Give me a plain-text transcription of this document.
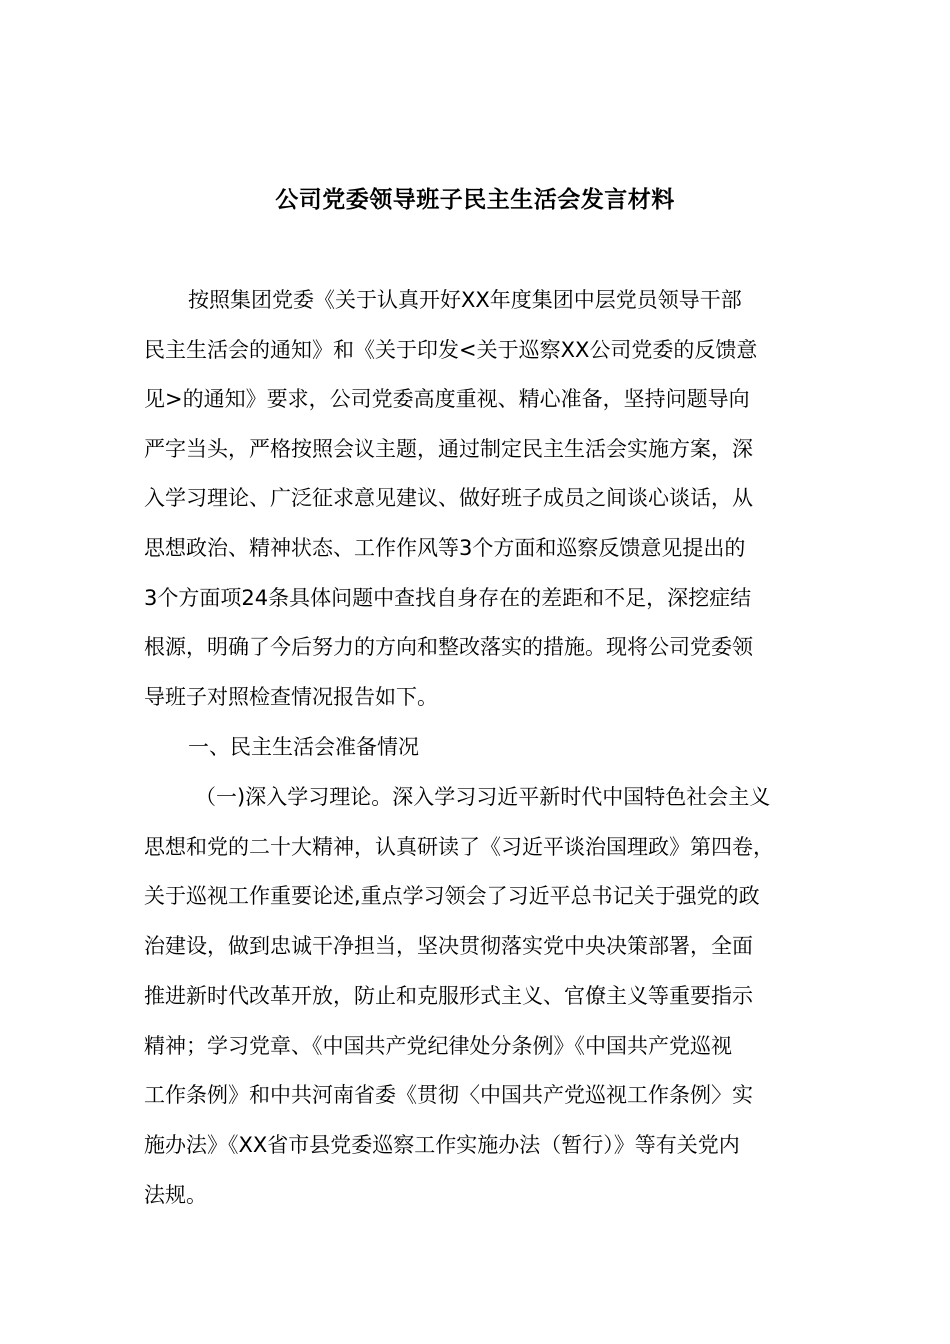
公司党委领导班子民主生活会发言材料
按照集团党委《关于认真开好XX年度集团中层党员领导干部
民主生活会的通知》和《关于印发<关于巡察XX公司党委的反馈意
见>的通知》要求，公司党委高度重视、精心准备，坚持问题导向
严字当头，严格按照会议主题，通过制定民主生活会实施方案，深
入学习理论、广泛征求意见建议、做好班子成员之间谈心谈话，从
思想政治、精神状态、工作作风等3个方面和巡察反馈意见提出的
3个方面项24条具体问题中查找自身存在的差距和不足，深挖症结
根源，明确了今后努力的方向和整改落实的措施。现将公司党委领
导班子对照检查情况报告如下。
一、民主生活会准备情况
（一)深入学习理论。深入学习习近平新时代中国特色社会主义
思想和党的二十大精神，认真研读了《习近平谈治国理政》第四卷，
关于巡视工作重要论述,重点学习领会了习近平总书记关于强党的政
治建设，做到忠诚干净担当，坚决贯彻落实党中央决策部署，全面
推进新时代改革开放，防止和克服形式主义、官僚主义等重要指示
精神；学习党章、《中国共产党纪律处分条例》《中国共产党巡视
工作条例》和中共河南省委《贯彻〈中国共产党巡视工作条例〉实
施办法》《XX省市县党委巡察工作实施办法（暂行）》等有关党内
法规。
